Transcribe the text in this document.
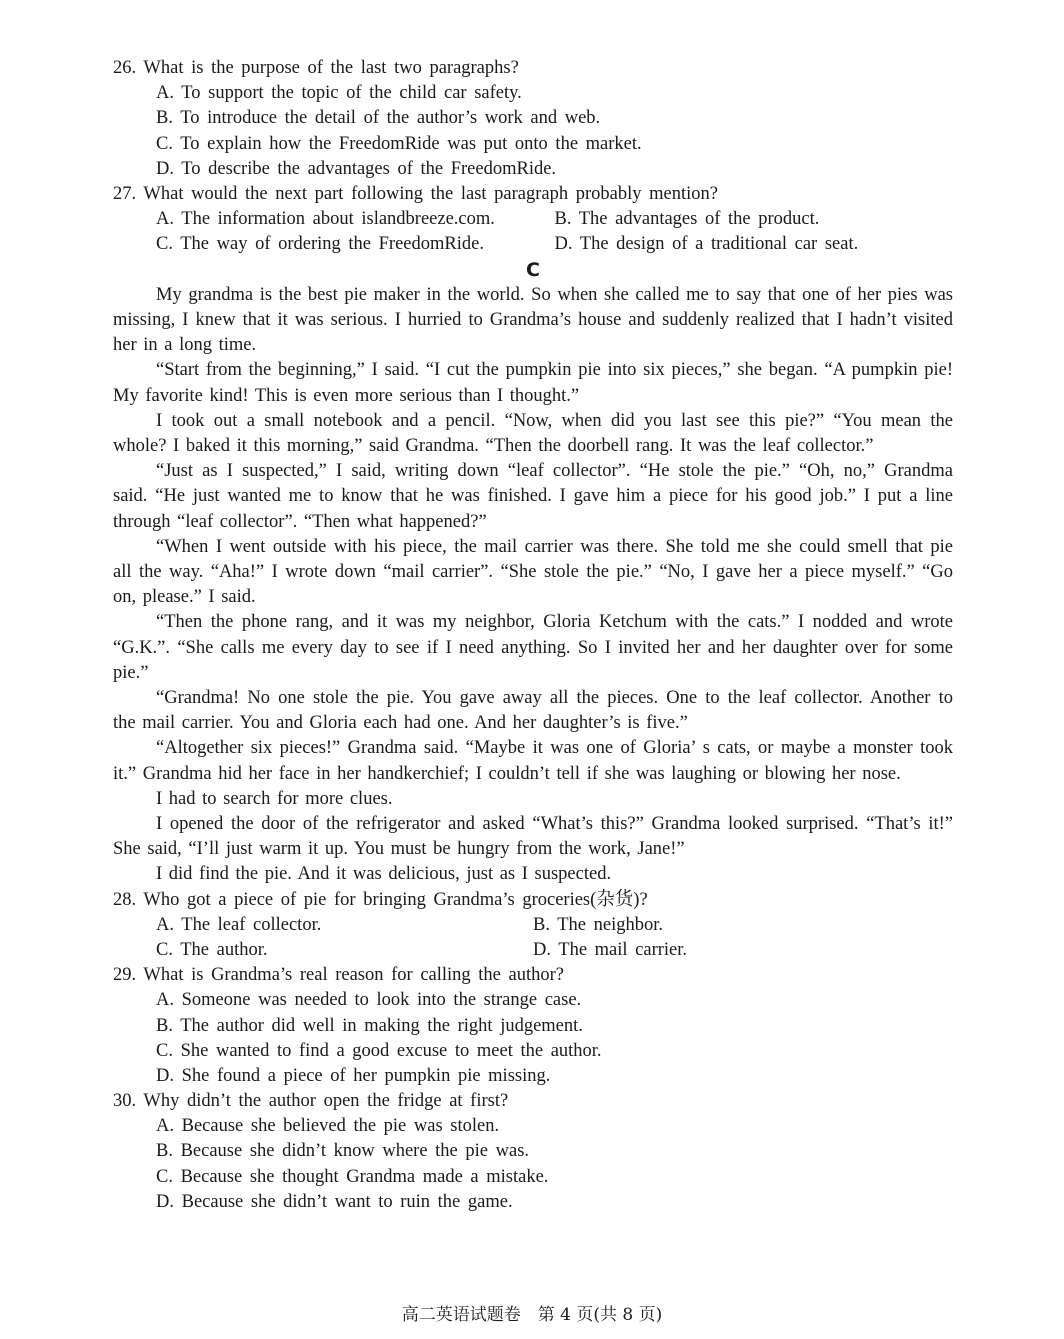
26. What is the purpose of the last two paragraphs?
A. To support the topic of the child car safety.
B. To introduce the detail of the author’s work and web.
C. To explain how the FreedomRide was put onto the market.
D. To describe the advantages of the FreedomRide.
27. What would the next part following the last paragraph probably mention?
A. The information about islandbreeze.com.	B. The advantages of the product.
C. The way of ordering the FreedomRide.	D. The design of a traditional car seat.
C
My grandma is the best pie maker in the world. So when she called me to say that one of her pies was missing, I knew that it was serious. I hurried to Grandma’s house and suddenly realized that I hadn’t visited her in a long time.
“Start from the beginning,” I said. “I cut the pumpkin pie into six pieces,” she began. “A pumpkin pie! My favorite kind! This is even more serious than I thought.”
I took out a small notebook and a pencil. “Now, when did you last see this pie?” “You mean the whole? I baked it this morning,” said Grandma. “Then the doorbell rang. It was the leaf collector.”
“Just as I suspected,” I said, writing down “leaf collector”. “He stole the pie.” “Oh, no,” Grandma said. “He just wanted me to know that he was finished. I gave him a piece for his good job.” I put a line through “leaf collector”. “Then what happened?”
“When I went outside with his piece, the mail carrier was there. She told me she could smell that pie all the way. “Aha!” I wrote down “mail carrier”. “She stole the pie.” “No, I gave her a piece myself.” “Go on, please.” I said.
“Then the phone rang, and it was my neighbor, Gloria Ketchum with the cats.” I nodded and wrote “G.K.”. “She calls me every day to see if I need anything. So I invited her and her daughter over for some pie.”
“Grandma! No one stole the pie. You gave away all the pieces. One to the leaf collector. Another to the mail carrier. You and Gloria each had one. And her daughter’s is five.”
“Altogether six pieces!” Grandma said. “Maybe it was one of Gloria’ s cats, or maybe a monster took it.” Grandma hid her face in her handkerchief; I couldn’t tell if she was laughing or blowing her nose.
I had to search for more clues.
I opened the door of the refrigerator and asked “What’s this?” Grandma looked surprised. “That’s it!” She said, “I’ll just warm it up. You must be hungry from the work, Jane!”
I did find the pie. And it was delicious, just as I suspected.
28. Who got a piece of pie for bringing Grandma’s groceries(杂货)?
A. The leaf collector.	B. The neighbor.
C. The author.	D. The mail carrier.
29. What is Grandma’s real reason for calling the author?
A. Someone was needed to look into the strange case.
B. The author did well in making the right judgement.
C. She wanted to find a good excuse to meet the author.
D. She found a piece of her pumpkin pie missing.
30. Why didn’t the author open the fridge at first?
A. Because she believed the pie was stolen.
B. Because she didn’t know where the pie was.
C. Because she thought Grandma made a mistake.
D. Because she didn’t want to ruin the game.
高二英语试题卷　第 4 页(共 8 页)
